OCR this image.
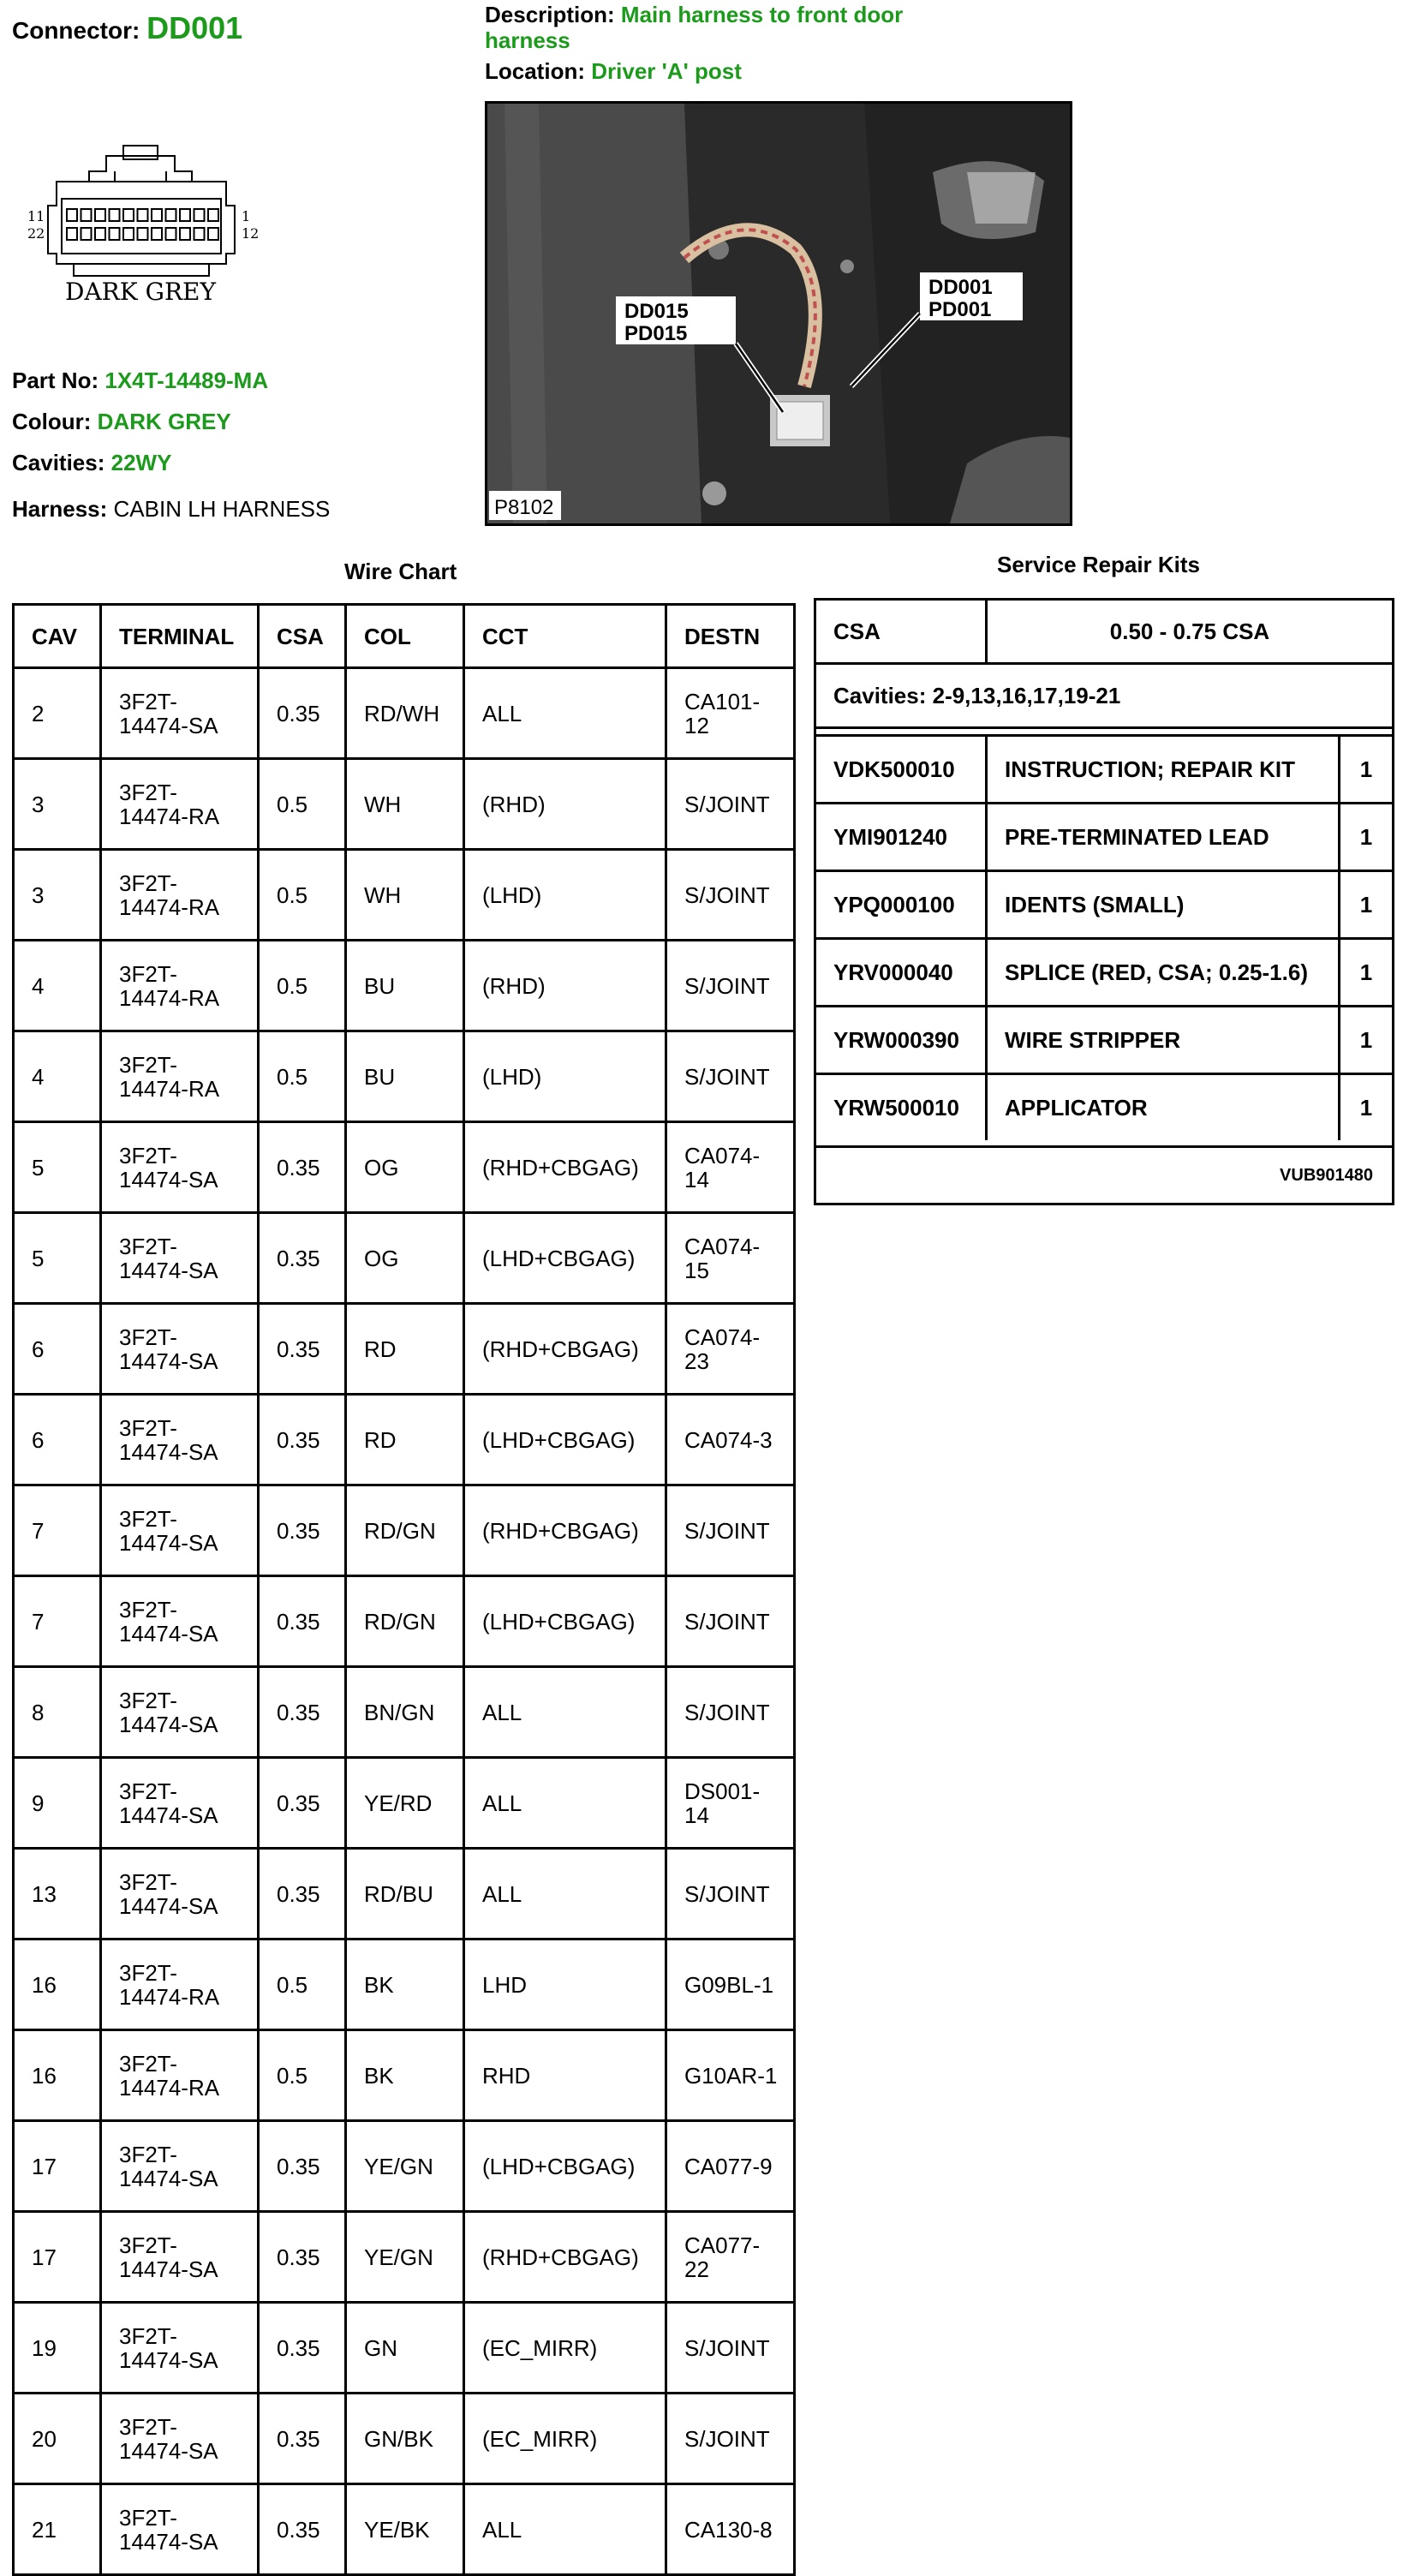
Connector: DD001	Description: Main harness to front door harness
Location: Driver 'A' post
11
22
1
12
DARK GREY
Part No: 1X4T-14489-MA
Colour: DARK GREY
Cavities: 22WY
Harness: CABIN LH HARNESS
DD015
PD015
DD001
PD001
P8102
Wire Chart
CAV	TERMINAL	CSA	COL	CCT	DESTN
2	3F2T-14474-SA	0.35	RD/WH	ALL	CA101-12
3	3F2T-14474-RA	0.5	WH	(RHD)	S/JOINT
3	3F2T-14474-RA	0.5	WH	(LHD)	S/JOINT
4	3F2T-14474-RA	0.5	BU	(RHD)	S/JOINT
4	3F2T-14474-RA	0.5	BU	(LHD)	S/JOINT
5	3F2T-14474-SA	0.35	OG	(RHD+CBGAG)	CA074-14
5	3F2T-14474-SA	0.35	OG	(LHD+CBGAG)	CA074-15
6	3F2T-14474-SA	0.35	RD	(RHD+CBGAG)	CA074-23
6	3F2T-14474-SA	0.35	RD	(LHD+CBGAG)	CA074-3
7	3F2T-14474-SA	0.35	RD/GN	(RHD+CBGAG)	S/JOINT
7	3F2T-14474-SA	0.35	RD/GN	(LHD+CBGAG)	S/JOINT
8	3F2T-14474-SA	0.35	BN/GN	ALL	S/JOINT
9	3F2T-14474-SA	0.35	YE/RD	ALL	DS001-14
13	3F2T-14474-SA	0.35	RD/BU	ALL	S/JOINT
16	3F2T-14474-RA	0.5	BK	LHD	G09BL-1
16	3F2T-14474-RA	0.5	BK	RHD	G10AR-1
17	3F2T-14474-SA	0.35	YE/GN	(LHD+CBGAG)	CA077-9
17	3F2T-14474-SA	0.35	YE/GN	(RHD+CBGAG)	CA077-22
19	3F2T-14474-SA	0.35	GN	(EC_MIRR)	S/JOINT
20	3F2T-14474-SA	0.35	GN/BK	(EC_MIRR)	S/JOINT
21	3F2T-14474-SA	0.35	YE/BK	ALL	CA130-8
Service Repair Kits
CSA	0.50 - 0.75 CSA
Cavities: 2-9,13,16,17,19-21
VDK500010	INSTRUCTION; REPAIR KIT	1
YMI901240	PRE-TERMINATED LEAD	1
YPQ000100	IDENTS (SMALL)	1
YRV000040	SPLICE (RED, CSA; 0.25-1.6)	1
YRW000390	WIRE STRIPPER	1
YRW500010	APPLICATOR	1
VUB901480
